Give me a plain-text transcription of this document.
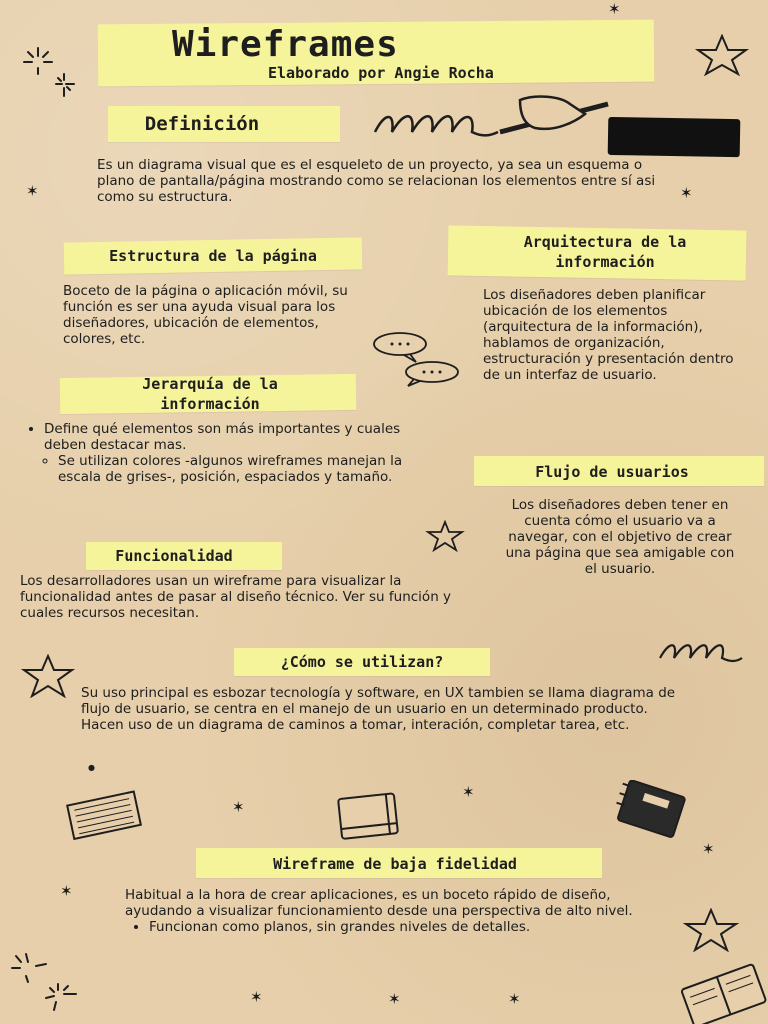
Wireframes
Elaborado por Angie Rocha
Definición
Es un diagrama visual que es el esqueleto de un proyecto, ya sea un esquema o plano de pantalla/página mostrando como se relacionan los elementos entre sí asi como su estructura.
Estructura de la página
Boceto de la página o aplicación móvil, su función es ser una ayuda visual para los diseñadores, ubicación de elementos, colores, etc.
Arquitectura de la información
Los diseñadores deben planificar ubicación de los elementos (arquitectura de la información), hablamos de organización, estructuración y presentación dentro de un interfaz de usuario.
Jerarquía de la información
• Define qué elementos son más importantes y cuales deben destacar mas.
◦ Se utilizan colores -algunos wireframes manejan la escala de grises-, posición, espaciados y tamaño.	Flujo de usuarios
Los diseñadores deben tener en cuenta cómo el usuario va a navegar, con el objetivo de crear una página que sea amigable con el usuario.
Funcionalidad
Los desarrolladores usan un wireframe para visualizar la funcionalidad antes de pasar al diseño técnico. Ver su función y cuales recursos necesitan.
¿Cómo se utilizan?
Su uso principal es esbozar tecnología y software, en UX tambien se llama diagrama de flujo de usuario, se centra en el manejo de un usuario en un determinado producto. Hacen uso de un diagrama de caminos a tomar, interación, completar tarea, etc.
Wireframe de baja fidelidad
Habitual a la hora de crear aplicaciones, es un boceto rápido de diseño, ayudando a visualizar funcionamiento desde una perspectiva de alto nivel.
• Funcionan como planos, sin grandes niveles de detalles.
✶
✶	✶
✶
✶
✶
✶
✶	✶	✶
●
